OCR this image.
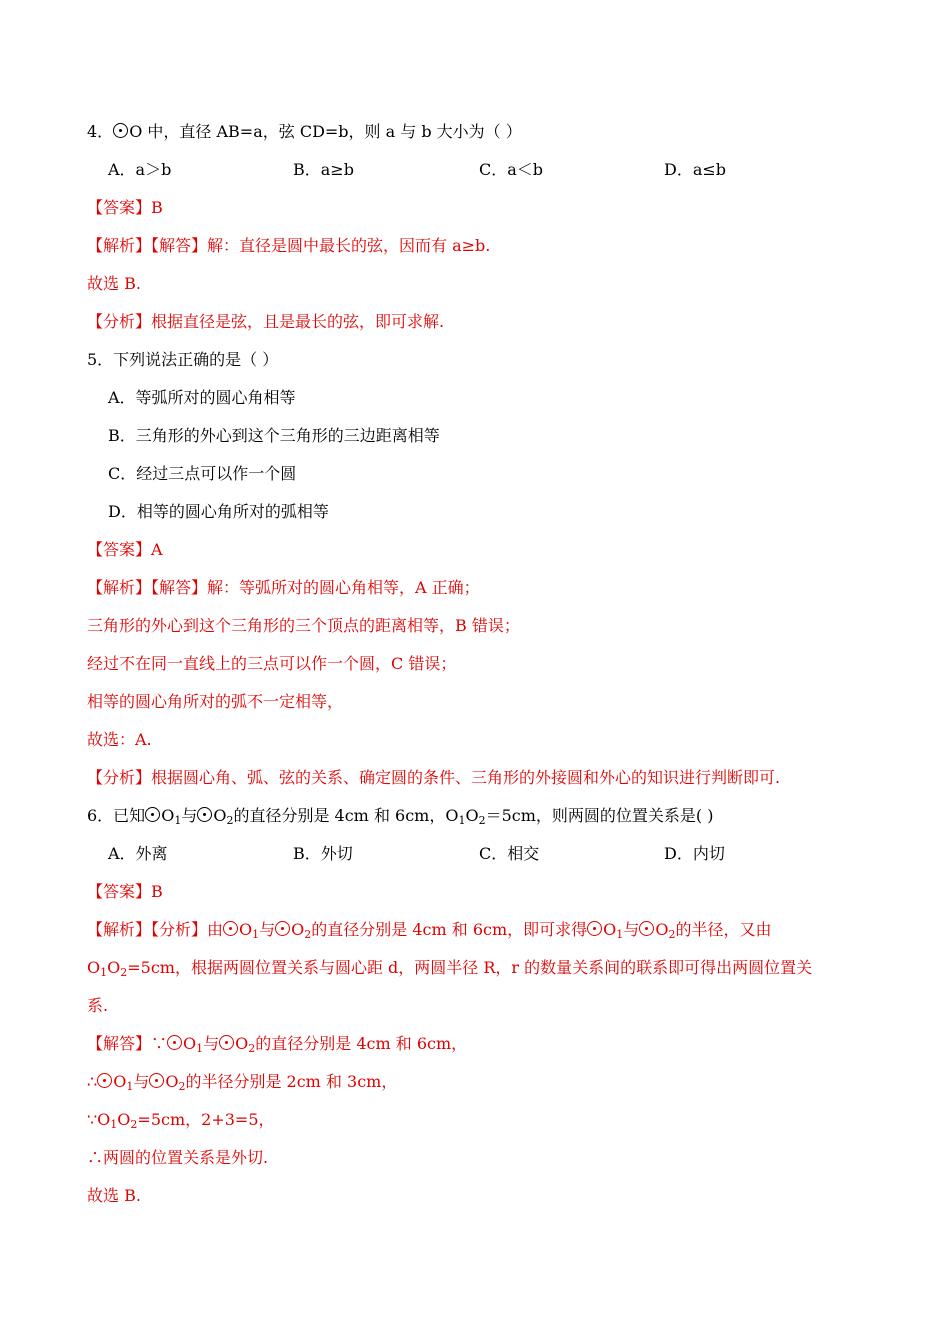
4． O 中，直径 AB=a，弦 CD=b，则 a 与 b 大小为（ ）
A．a＞b	B．a≥b	C．a＜b	D．a≤b
【答案】B
【解析】【解答】解：直径是圆中最长的弦，因而有 a≥b.
故选 B.
【分析】根据直径是弦，且是最长的弦，即可求解.
5．下列说法正确的是（ ）
A．等弧所对的圆心角相等
B．三角形的外心到这个三角形的三边距离相等
C．经过三点可以作一个圆
D．相等的圆心角所对的弧相等
【答案】A
【解析】【解答】解：等弧所对的圆心角相等，A 正确；
三角形的外心到这个三角形的三个顶点的距离相等，B 错误；
经过不在同一直线上的三点可以作一个圆，C 错误；
相等的圆心角所对的弧不一定相等，
故选：A.
【分析】根据圆心角、弧、弦的关系、确定圆的条件、三角形的外接圆和外心的知识进行判断即可.
6．已知 $O_1$与 $O_2$的直径分别是 4cm 和 6cm，$O_1O_2=5cm$，则两圆的位置关系是( )
A．外离	B．外切	C．相交	D．内切
【答案】B
【解析】【分析】由 $O_1$与 $O_2$的直径分别是 4cm 和 6cm，即可求得 $O_1$与 $O_2$的半径，又由
$O_1O_2=5cm$，根据两圆位置关系与圆心距 d，两圆半径 R，r 的数量关系间的联系即可得出两圆位置关
系.
【解答】∵ $O_1$与 $O_2$的直径分别是 4cm 和 6cm，
∴ $O_1$与 $O_2$的半径分别是 2cm 和 3cm，
$\because O_1O_2=5cm$，2+3=5，
∴两圆的位置关系是外切.
故选 B.
